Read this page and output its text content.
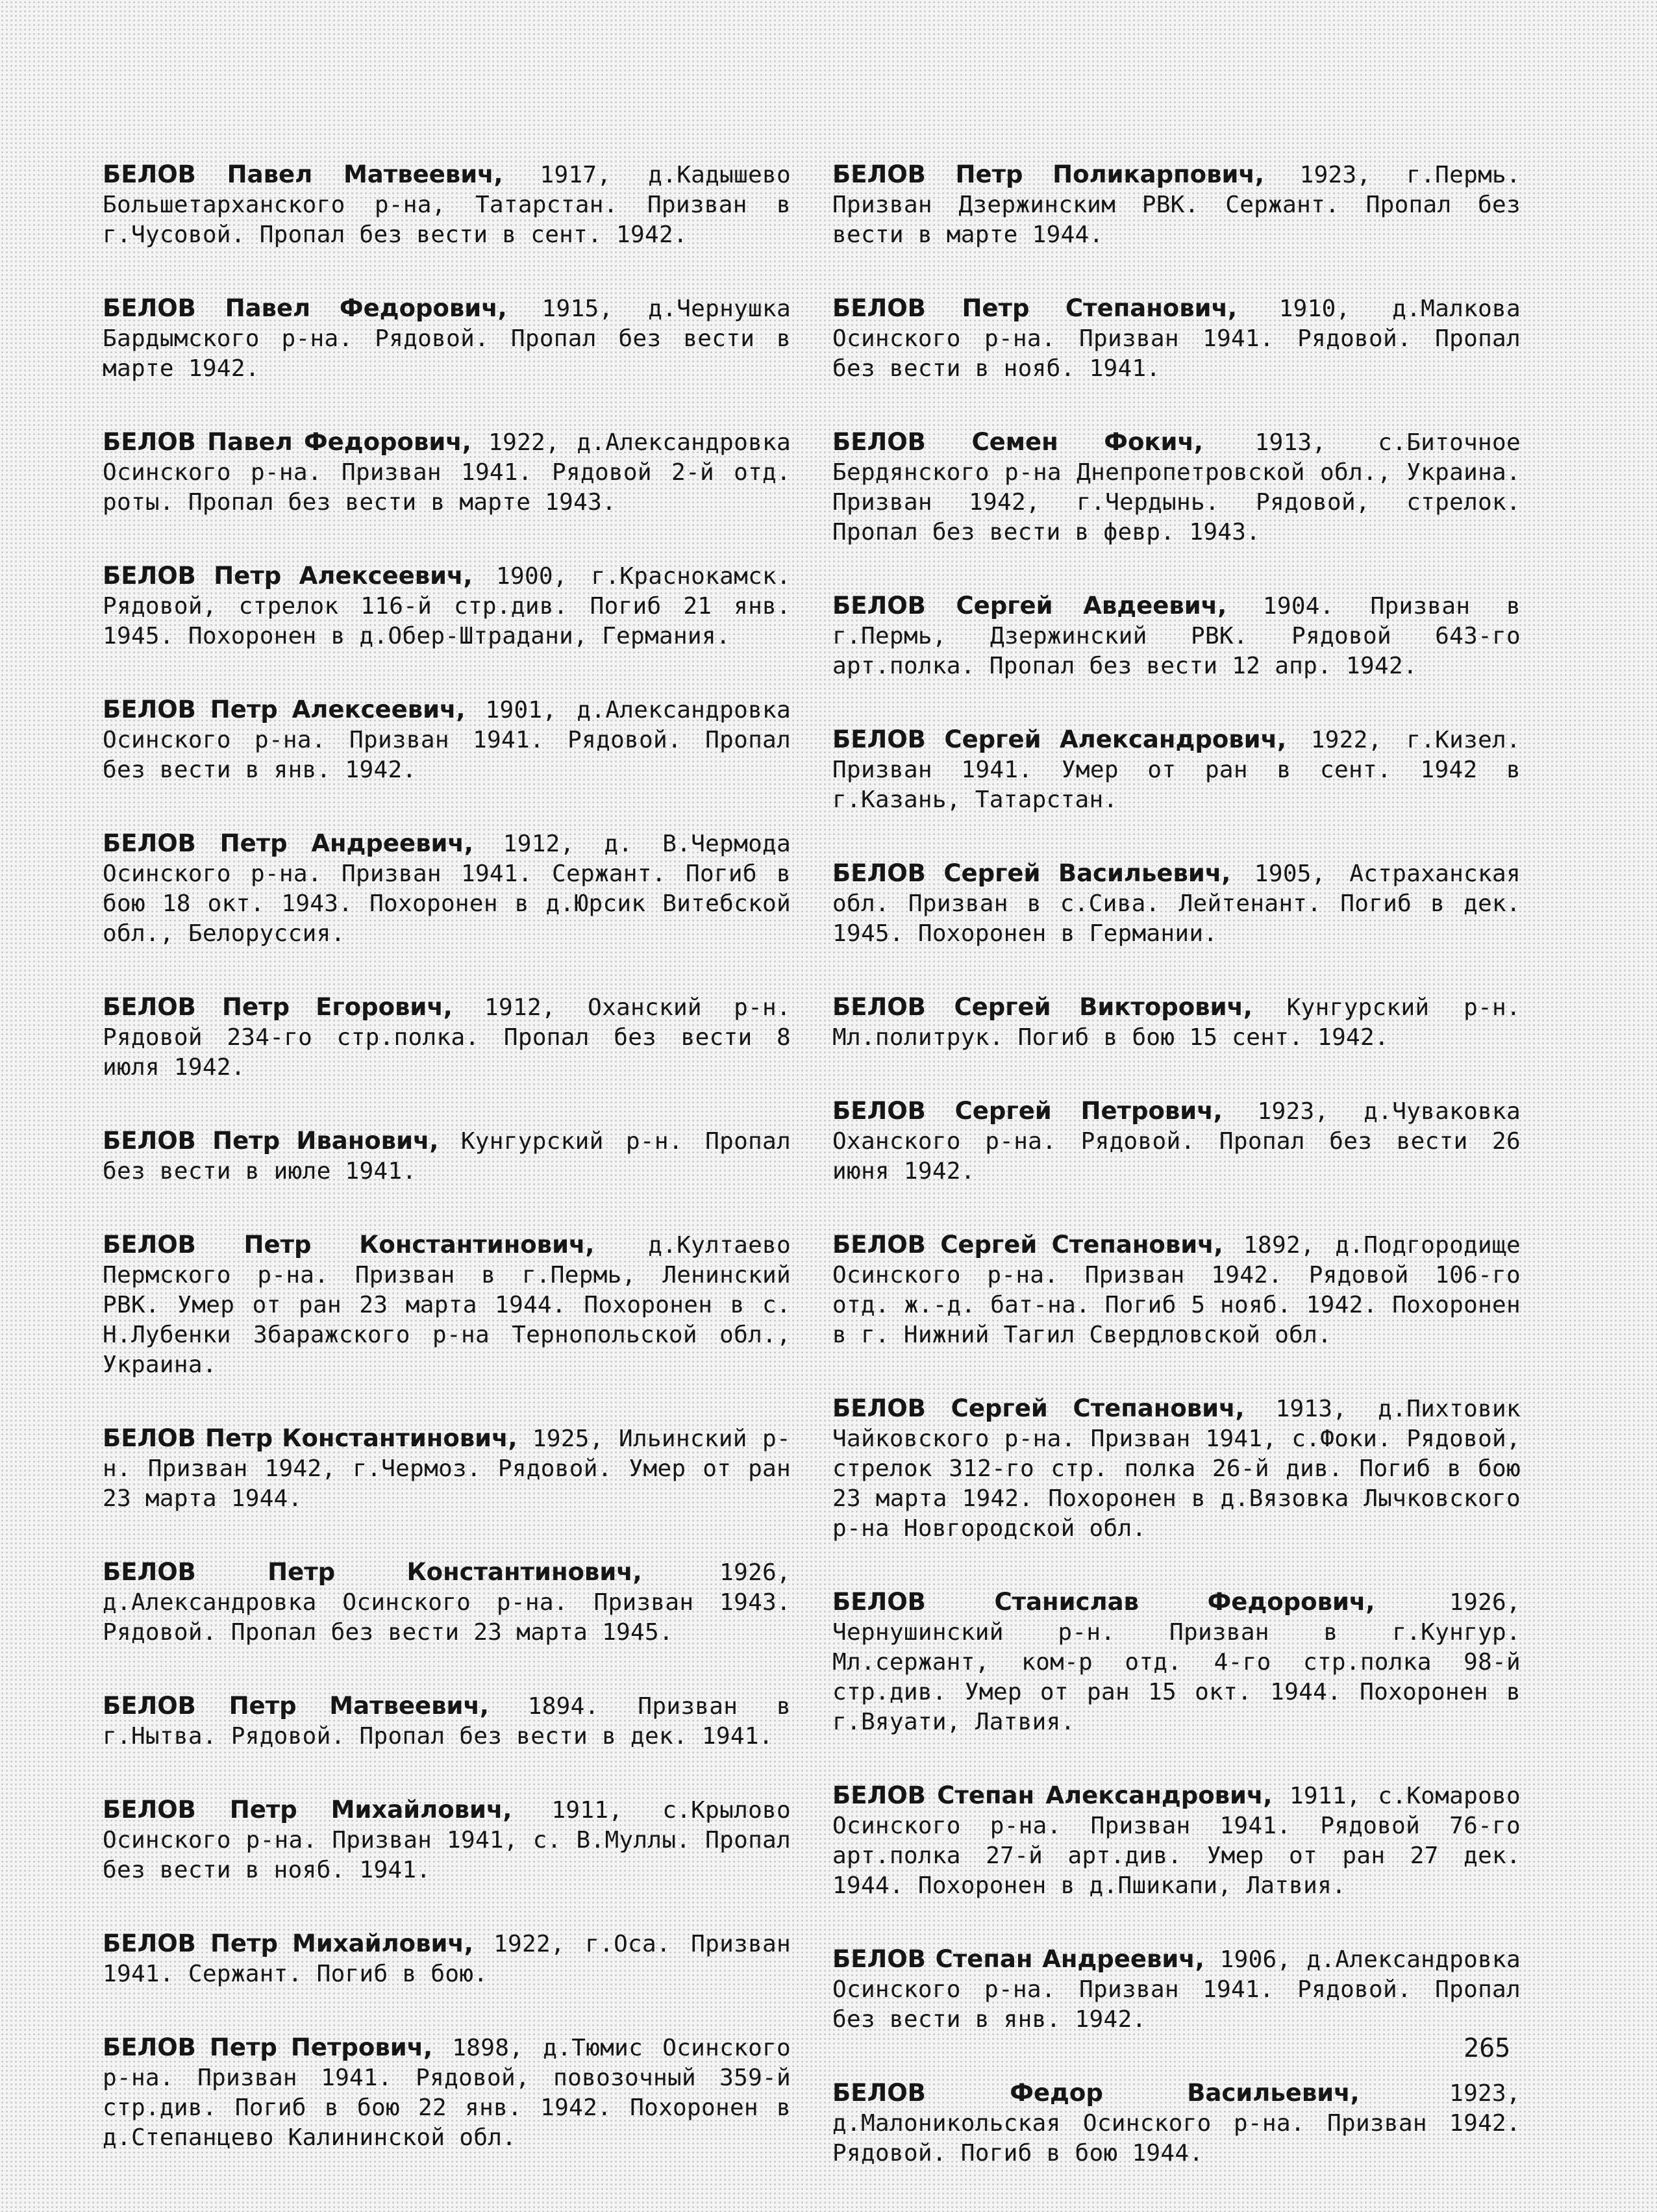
БЕЛОВ Павел Матвеевич, 1917, д.Кадышево Большетарханского р-на, Татарстан. Призван в г.Чусовой. Пропал без вести в сент. 1942.

БЕЛОВ Павел Федорович, 1915, д.Чернушка Бардымского р-на. Рядовой. Пропал без вести в марте 1942.

БЕЛОВ Павел Федорович, 1922, д.Александровка Осинского р-на. Призван 1941. Рядовой 2-й отд. роты. Пропал без вести в марте 1943.

БЕЛОВ Петр Алексеевич, 1900, г.Краснокамск. Рядовой, стрелок 116-й стр.див. Погиб 21 янв. 1945. Похоронен в д.Обер-Штрадани, Германия.

БЕЛОВ Петр Алексеевич, 1901, д.Александровка Осинского р-на. Призван 1941. Рядовой. Пропал без вести в янв. 1942.

БЕЛОВ Петр Андреевич, 1912, д. В.Чермода Осинского р-на. Призван 1941. Сержант. Погиб в бою 18 окт. 1943. Похоронен в д.Юрсик Витебской обл., Белоруссия.

БЕЛОВ Петр Егорович, 1912, Оханский р-н. Рядовой 234-го стр.полка. Пропал без вести 8 июля 1942.

БЕЛОВ Петр Иванович, Кунгурский р-н. Пропал без вести в июле 1941.

БЕЛОВ Петр Константинович, д.Култаево Пермского р-на. Призван в г.Пермь, Ленинский РВК. Умер от ран 23 марта 1944. Похоронен в с. Н.Лубенки Збаражского р-на Тернопольской обл., Украина.

БЕЛОВ Петр Константинович, 1925, Ильинский р-н. Призван 1942, г.Чермоз. Рядовой. Умер от ран 23 марта 1944.

БЕЛОВ Петр Константинович,	1926, д.Александровка Осинского р-на. Призван 1943. Рядовой. Пропал без вести 23 марта 1945.

БЕЛОВ Петр Матвеевич, 1894. Призван в г.Нытва. Рядовой. Пропал без вести в дек. 1941.

БЕЛОВ Петр Михайлович, 1911, с.Крылово Осинского р-на. Призван 1941, с. В.Муллы. Пропал без вести в нояб. 1941.

БЕЛОВ Петр Михайлович, 1922, г.Оса. Призван 1941. Сержант. Погиб в бою.

БЕЛОВ Петр Петрович, 1898, д.Тюмис Осинского р-на. Призван 1941. Рядовой, повозочный 359-й стр.див. Погиб в бою 22 янв. 1942. Похоронен в д.Степанцево Калининской обл.

БЕЛОВ Петр Поликарпович, 1923, г.Пермь. Призван Дзержинским РВК. Сержант. Пропал без вести в марте 1944.

БЕЛОВ Петр Степанович, 1910, д.Малкова Осинского р-на. Призван 1941. Рядовой. Пропал без вести в нояб. 1941.

БЕЛОВ Семен Фокич, 1913, с.Биточное Бердянского р-на Днепропетровской обл., Украина. Призван 1942, г.Чердынь. Рядовой, стрелок. Пропал без вести в февр. 1943.

БЕЛОВ Сергей Авдеевич, 1904. Призван в г.Пермь, Дзержинский РВК. Рядовой 643-го арт.полка. Пропал без вести 12 апр. 1942.

БЕЛОВ Сергей Александрович, 1922, г.Кизел. Призван 1941. Умер от ран в сент. 1942 в г.Казань, Татарстан.

БЕЛОВ Сергей Васильевич, 1905, Астраханская обл. Призван в с.Сива. Лейтенант. Погиб в дек. 1945. Похоронен в Германии.

БЕЛОВ Сергей Викторович, Кунгурский р-н. Мл.политрук. Погиб в бою 15 сент. 1942.

БЕЛОВ Сергей Петрович, 1923, д.Чуваковка Оханского р-на. Рядовой. Пропал без вести 26 июня 1942.

БЕЛОВ Сергей Степанович, 1892, д.Подгородище Осинского р-на. Призван 1942. Рядовой 106-го отд. ж.-д. бат-на. Погиб 5 нояб. 1942. Похоронен в г. Нижний Тагил Свердловской обл.

БЕЛОВ Сергей Степанович, 1913, д.Пихтовик Чайковского р-на. Призван 1941, с.Фоки. Рядовой, стрелок 312-го стр. полка 26-й див. Погиб в бою 23 марта 1942. Похоронен в д.Вязовка Лычковского р-на Новгородской обл.

БЕЛОВ Станислав Федорович,	1926, Чернушинский р-н. Призван в г.Кунгур. Мл.сержант, ком-р отд. 4-го стр.полка 98-й стр.див. Умер от ран 15 окт. 1944. Похоронен в г.Вяуати, Латвия.

БЕЛОВ Степан Александрович, 1911, с.Комарово Осинского р-на. Призван 1941. Рядовой 76-го арт.полка 27-й арт.див. Умер от ран 27 дек. 1944. Похоронен в д.Пшикапи, Латвия.

БЕЛОВ Степан Андреевич, 1906, д.Александровка Осинского р-на. Призван 1941. Рядовой. Пропал без вести в янв. 1942.

БЕЛОВ Федор Васильевич,	1923, д.Малоникольская Осинского р-на. Призван 1942. Рядовой. Погиб в бою 1944.

265
